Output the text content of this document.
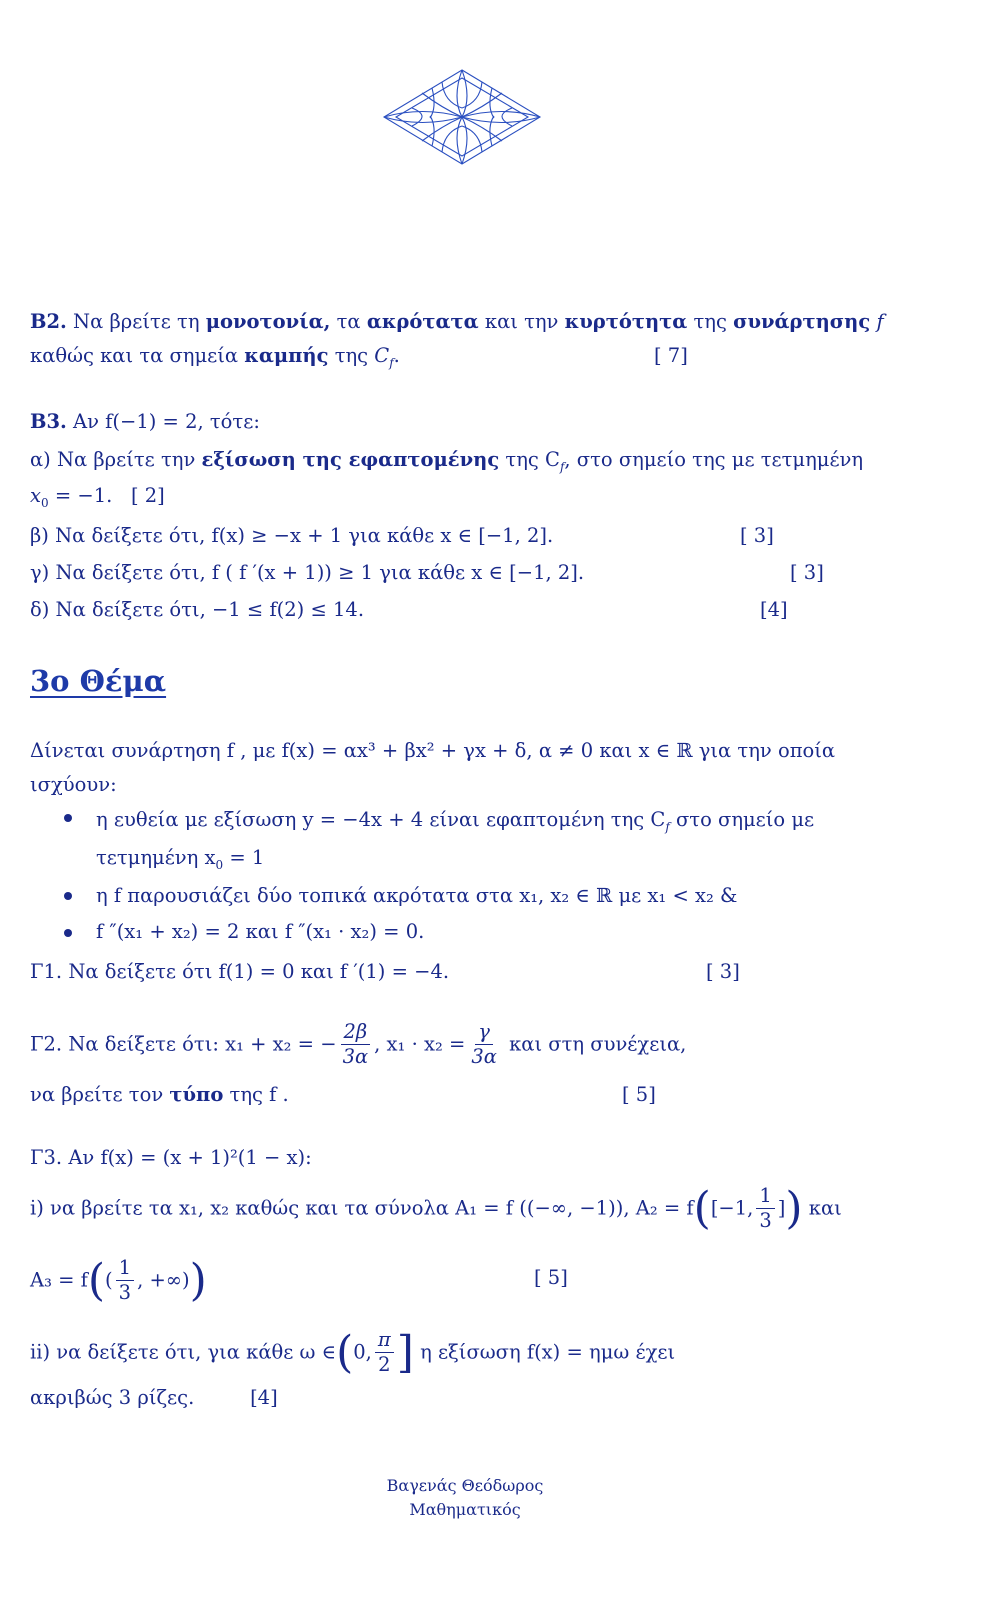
Β2. Να βρείτε τη μονοτονία, τα ακρότατα και την κυρτότητα της συνάρτησης f
καθώς και τα σημεία καμπής της $C_f$.	[ 7]
Β3. Αν f(−1) = 2, τότε:
α) Να βρείτε την εξίσωση της εφαπτομένης της $C_f$, στο σημείο της με τετμημένη
$x_0 = -1$. [ 2]
β) Να δείξετε ότι, f(x) ≥ −x + 1 για κάθε x ∈ [−1, 2].	[ 3]
γ) Να δείξετε ότι, f ( f ′(x + 1)) ≥ 1 για κάθε x ∈ [−1, 2].	[ 3]
δ) Να δείξετε ότι, −1 ≤ f(2) ≤ 14.	[4]
3ο Θέμα
Δίνεται συνάρτηση f , με f(x) = αx³ + βx² + γx + δ, α ≠ 0 και x ∈ ℝ για την οποία
ισχύουν:
η ευθεία με εξίσωση y = −4x + 4 είναι εφαπτομένη της $C_f$ στο σημείο με
τετμημένη $x_0 = 1$
η f παρουσιάζει δύο τοπικά ακρότατα στα x₁, x₂ ∈ ℝ με x₁ < x₂ &
f ″(x₁ + x₂) = 2 και f ″(x₁ · x₂) = 0.
Γ1. Να δείξετε ότι f(1) = 0 και f ′(1) = −4.	[ 3]
Γ2. Να δείξετε ότι: x₁ + x₂ = − $\frac{2\beta}{3\alpha}$ , $x_1 \cdot x_2 = \frac{\gamma}{3\alpha}$ και στη συνέχεια,
να βρείτε τον τύπο της f .	[ 5]
Γ3. Αν f(x) = (x + 1)²(1 − x):
i) να βρείτε τα x₁, x₂ καθώς και τα σύνολα A₁ = f ((−∞, −1)), A₂ = f([−1, $\frac{1}{3}$ ]) και
$A_3 = f(( \frac{1}{3}$ , +∞))	[ 5]
ii) να δείξετε ότι, για κάθε ω ∈(0, $\frac{\pi}{2}$ ] η εξίσωση f(x) = ημω έχει
ακριβώς 3 ρίζες.	[4]
Βαγενάς Θεόδωρος
Μαθηματικός
